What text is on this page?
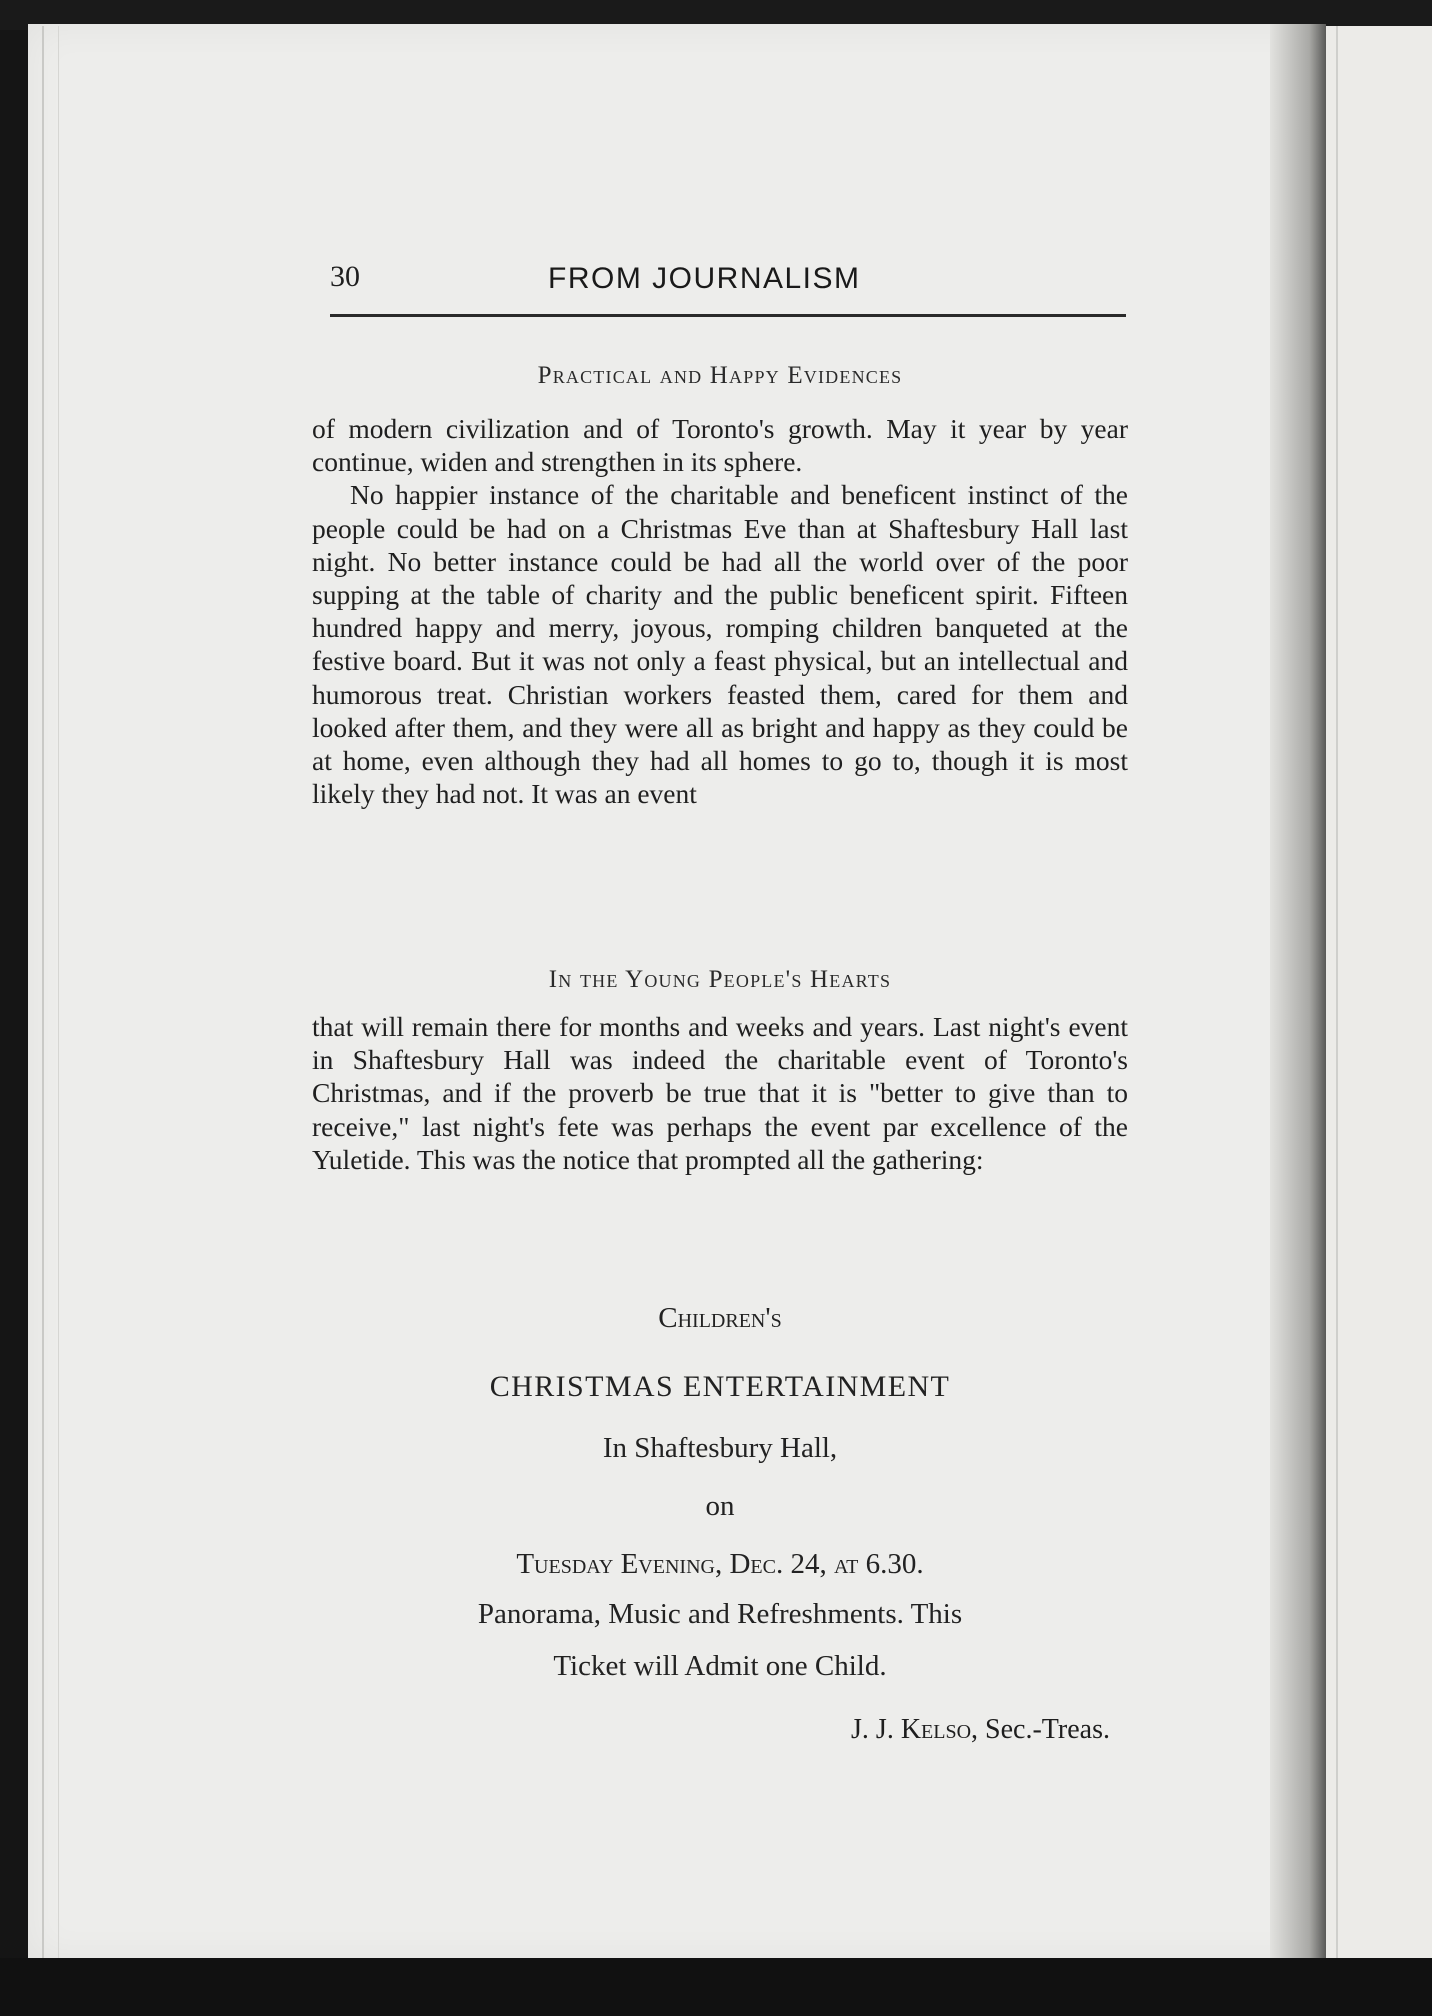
30	FROM JOURNALISM
Practical and Happy Evidences

of modern civilization and of Toronto's growth. May it year by year continue, widen and strengthen in its sphere.

No happier instance of the charitable and beneficent instinct of the people could be had on a Christmas Eve than at Shaftesbury Hall last night. No better instance could be had all the world over of the poor supping at the table of charity and the public beneficent spirit. Fifteen hundred happy and merry, joyous, romping children banqueted at the festive board. But it was not only a feast physical, but an intellectual and humorous treat. Christian workers feasted them, cared for them and looked after them, and they were all as bright and happy as they could be at home, even although they had all homes to go to, though it is most likely they had not. It was an event

In the Young People's Hearts

that will remain there for months and weeks and years. Last night's event in Shaftesbury Hall was indeed the charitable event of Toronto's Christmas, and if the proverb be true that it is "better to give than to receive," last night's fete was perhaps the event par excellence of the Yuletide. This was the notice that prompted all the gathering:

Children's
CHRISTMAS ENTERTAINMENT
In Shaftesbury Hall,
on
Tuesday Evening, Dec. 24, at 6.30.
Panorama, Music and Refreshments. This
Ticket will Admit one Child.
J. J. Kelso, Sec.-Treas.
